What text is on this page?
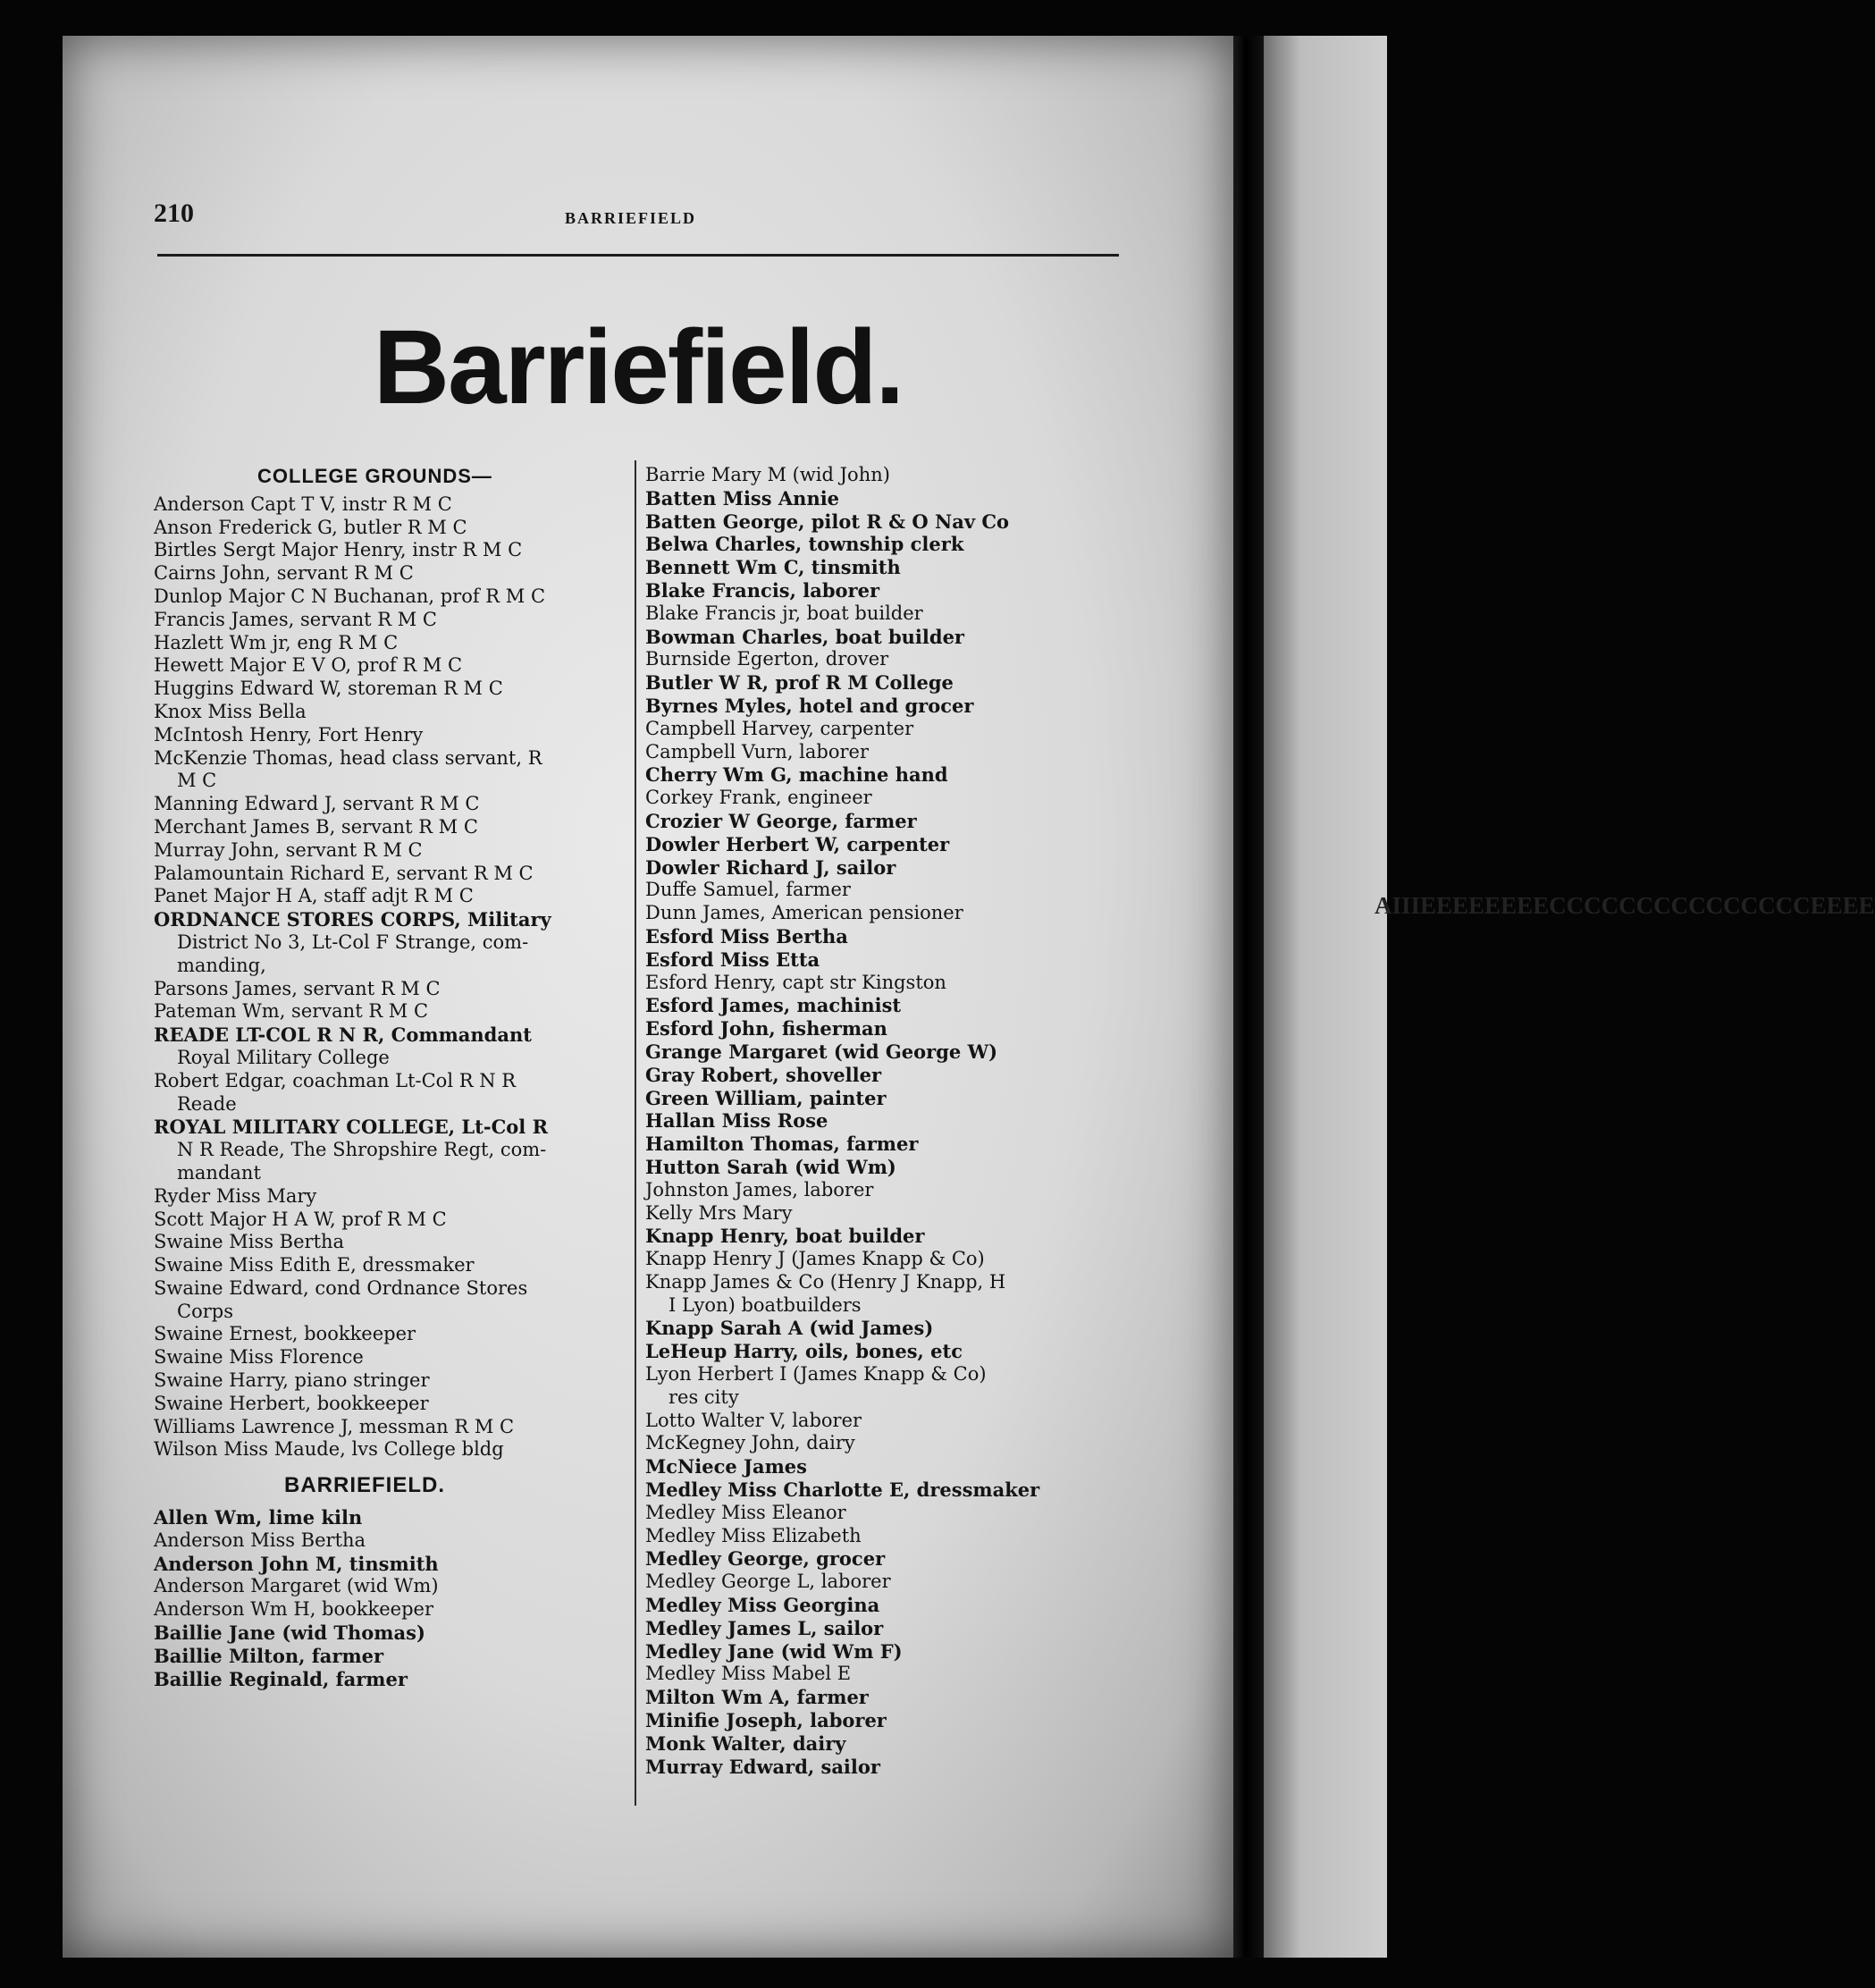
AIIIEEEEEEEECCCCCCCCCCCCCCCEEEE
210	BARRIEFIELD
Barriefield.

COLLEGE GROUNDS—

Anderson Capt T V, instr R M C

Anson Frederick G, butler R M C

Birtles Sergt Major Henry, instr R M C

Cairns John, servant R M C

Dunlop Major C N Buchanan, prof R M C

Francis James, servant R M C

Hazlett Wm jr, eng R M C

Hewett Major E V O, prof R M C

Huggins Edward W, storeman R M C

Knox Miss Bella

McIntosh Henry, Fort Henry

McKenzie Thomas, head class servant, R

M C

Manning Edward J, servant R M C

Merchant James B, servant R M C

Murray John, servant R M C

Palamountain Richard E, servant R M C

Panet Major H A, staff adjt R M C

ORDNANCE STORES CORPS, Military

District No 3, Lt-Col F Strange, com-

manding,

Parsons James, servant R M C

Pateman Wm, servant R M C

READE LT-COL R N R, Commandant

Royal Military College

Robert Edgar, coachman Lt-Col R N R

Reade

ROYAL MILITARY COLLEGE, Lt-Col R

N R Reade, The Shropshire Regt, com-

mandant

Ryder Miss Mary

Scott Major H A W, prof R M C

Swaine Miss Bertha

Swaine Miss Edith E, dressmaker

Swaine Edward, cond Ordnance Stores

Corps

Swaine Ernest, bookkeeper

Swaine Miss Florence

Swaine Harry, piano stringer

Swaine Herbert, bookkeeper

Williams Lawrence J, messman R M C

Wilson Miss Maude, lvs College bldg

BARRIEFIELD.

Allen Wm, lime kiln

Anderson Miss Bertha

Anderson John M, tinsmith

Anderson Margaret (wid Wm)

Anderson Wm H, bookkeeper

Baillie Jane (wid Thomas)

Baillie Milton, farmer

Baillie Reginald, farmer

Barrie Mary M (wid John)

Batten Miss Annie

Batten George, pilot R & O Nav Co

Belwa Charles, township clerk

Bennett Wm C, tinsmith

Blake Francis, laborer

Blake Francis jr, boat builder

Bowman Charles, boat builder

Burnside Egerton, drover

Butler W R, prof R M College

Byrnes Myles, hotel and grocer

Campbell Harvey, carpenter

Campbell Vurn, laborer

Cherry Wm G, machine hand

Corkey Frank, engineer

Crozier W George, farmer

Dowler Herbert W, carpenter

Dowler Richard J, sailor

Duffe Samuel, farmer

Dunn James, American pensioner

Esford Miss Bertha

Esford Miss Etta

Esford Henry, capt str Kingston

Esford James, machinist

Esford John, fisherman

Grange Margaret (wid George W)

Gray Robert, shoveller

Green William, painter

Hallan Miss Rose

Hamilton Thomas, farmer

Hutton Sarah (wid Wm)

Johnston James, laborer

Kelly Mrs Mary

Knapp Henry, boat builder

Knapp Henry J (James Knapp & Co)

Knapp James & Co (Henry J Knapp, H

I Lyon) boatbuilders

Knapp Sarah A (wid James)

LeHeup Harry, oils, bones, etc

Lyon Herbert I (James Knapp & Co)

res city

Lotto Walter V, laborer

McKegney John, dairy

McNiece James

Medley Miss Charlotte E, dressmaker

Medley Miss Eleanor

Medley Miss Elizabeth

Medley George, grocer

Medley George L, laborer

Medley Miss Georgina

Medley James L, sailor

Medley Jane (wid Wm F)

Medley Miss Mabel E

Milton Wm A, farmer

Minifie Joseph, laborer

Monk Walter, dairy

Murray Edward, sailor
